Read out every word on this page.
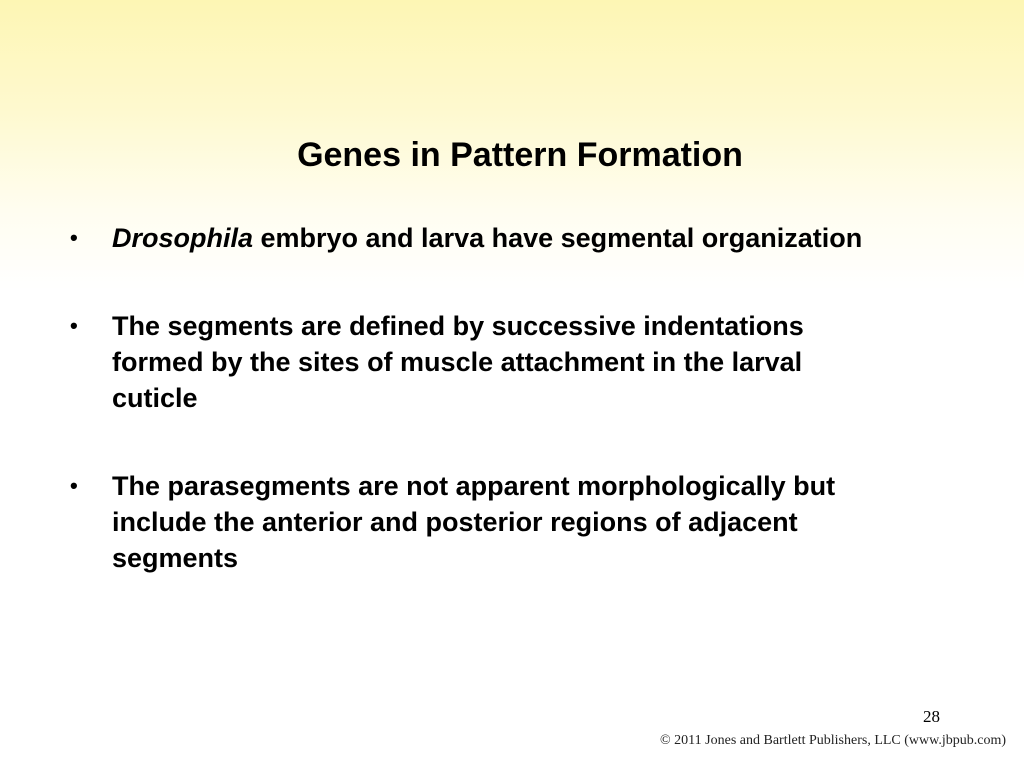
Genes in Pattern Formation
• Drosophila embryo and larva have segmental organization
• The segments are defined by successive indentations formed by the sites of muscle attachment in the larval cuticle
• The parasegments are not apparent morphologically but include the anterior and posterior regions of adjacent segments
28
© 2011 Jones and Bartlett Publishers, LLC (www.jbpub.com)
